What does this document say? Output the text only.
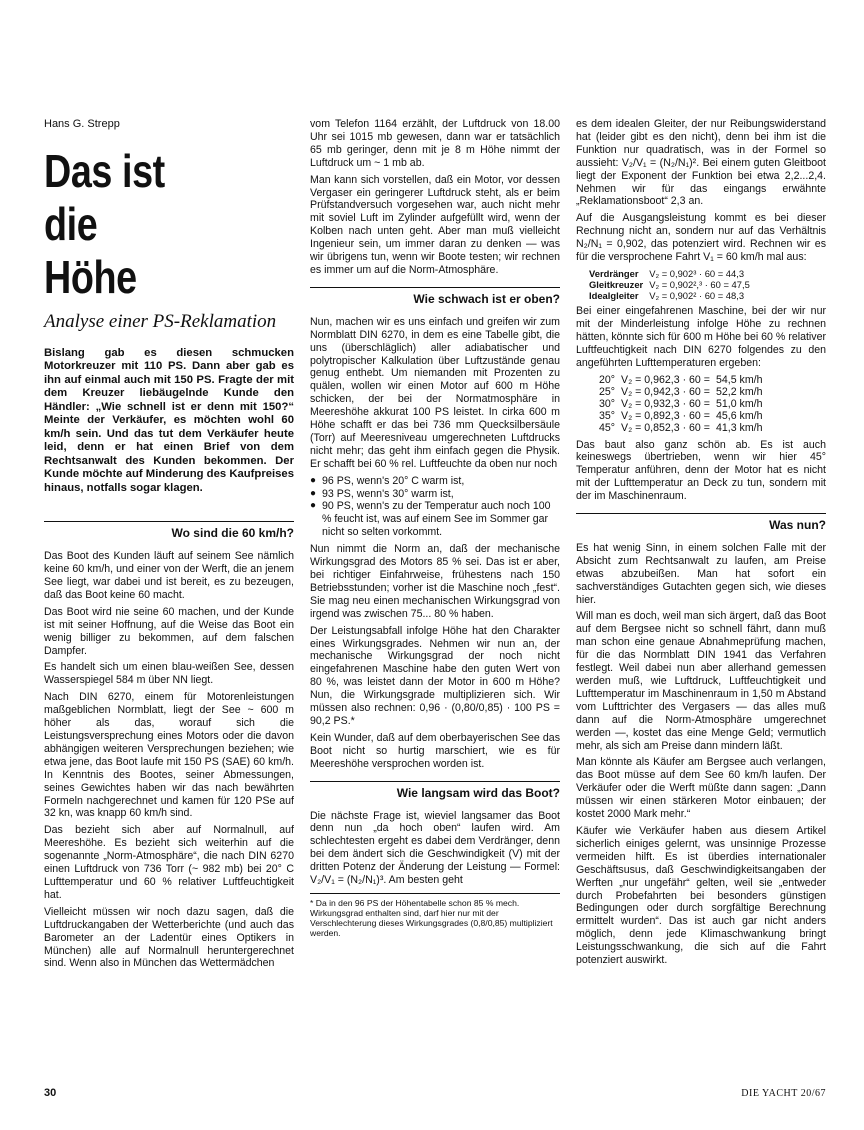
Hans G. Strepp
Das ist
die
Höhe
Analyse einer PS-Reklamation

Bislang gab es diesen schmucken Motorkreuzer mit 110 PS. Dann aber gab es ihn auf einmal auch mit 150 PS. Fragte der mit dem Kreuzer liebäugelnde Kunde den Händler: „Wie schnell ist er denn mit 150?“ Meinte der Verkäufer, es möchten wohl 60 km/h sein. Und das tut dem Verkäufer heute leid, denn er hat einen Brief von dem Rechtsanwalt des Kunden bekommen. Der Kunde möchte auf Minderung des Kaufpreises hinaus, notfalls sogar klagen.

Wo sind die 60 km/h?

Das Boot des Kunden läuft auf seinem See nämlich keine 60 km/h, und einer von der Werft, die an jenem See liegt, war dabei und ist bereit, es zu bezeugen, daß das Boot keine 60 macht.

Das Boot wird nie seine 60 machen, und der Kunde ist mit seiner Hoffnung, auf die Weise das Boot ein wenig billiger zu bekommen, auf dem falschen Dampfer.

Es handelt sich um einen blau-weißen See, dessen Wasserspiegel 584 m über NN liegt.

Nach DIN 6270, einem für Motorenleistungen maßgeblichen Normblatt, liegt der See ~ 600 m höher als das, worauf sich die Leistungsversprechung eines Motors oder die davon abhängigen weiteren Versprechungen beziehen; wie etwa jene, das Boot laufe mit 150 PS (SAE) 60 km/h. In Kenntnis des Bootes, seiner Abmessungen, seines Gewichtes haben wir das nach bewährten Formeln nachgerechnet und kamen für 120 PSe auf 32 kn, was knapp 60 km/h sind.

Das bezieht sich aber auf Normalnull, auf Meereshöhe. Es bezieht sich weiterhin auf die sogenannte „Norm-Atmosphäre“, die nach DIN 6270 einen Luftdruck von 736 Torr (~ 982 mb) bei 20° C Lufttemperatur und 60 % relativer Luftfeuchtigkeit hat.

Vielleicht müssen wir noch dazu sagen, daß die Luftdruckangaben der Wetterberichte (und auch das Barometer an der Ladentür eines Optikers in München) alle auf Normalnull heruntergerechnet sind. Wenn also in München das Wettermädchen

vom Telefon 1164 erzählt, der Luftdruck von 18.00 Uhr sei 1015 mb gewesen, dann war er tatsächlich 65 mb geringer, denn mit je 8 m Höhe nimmt der Luftdruck um ~ 1 mb ab.

Man kann sich vorstellen, daß ein Motor, vor dessen Vergaser ein geringerer Luftdruck steht, als er beim Prüfstandversuch vorgesehen war, auch nicht mehr mit soviel Luft im Zylinder aufgefüllt wird, wenn der Kolben nach unten geht. Aber man muß vielleicht Ingenieur sein, um immer daran zu denken — was wir übrigens tun, wenn wir Boote testen; wir rechnen es immer um auf die Norm-Atmosphäre.

Wie schwach ist er oben?

Nun, machen wir es uns einfach und greifen wir zum Normblatt DIN 6270, in dem es eine Tabelle gibt, die uns (überschläglich) aller adiabatischer und polytropischer Kalkulation über Luftzustände genau genug enthebt. Um niemanden mit Prozenten zu quälen, wollen wir einen Motor auf 600 m Höhe schicken, der bei der Normatmosphäre in Meereshöhe akkurat 100 PS leistet. In cirka 600 m Höhe schafft er das bei 736 mm Quecksilbersäule (Torr) auf Meeresniveau umgerechneten Luftdrucks nicht mehr; das geht ihm einfach gegen die Physik. Er schafft bei 60 % rel. Luftfeuchte da oben nur noch

● 96 PS, wenn's 20° C warm ist,
● 93 PS, wenn's 30° warm ist,
● 90 PS, wenn's zu der Temperatur auch noch 100 % feucht ist, was auf einem See im Sommer gar nicht so selten vorkommt.

Nun nimmt die Norm an, daß der mechanische Wirkungsgrad des Motors 85 % sei. Das ist er aber, bei richtiger Einfahrweise, frühestens nach 150 Betriebsstunden; vorher ist die Maschine noch „fest“. Sie mag neu einen mechanischen Wirkungsgrad von irgend was zwischen 75... 80 % haben.

Der Leistungsabfall infolge Höhe hat den Charakter eines Wirkungsgrades. Nehmen wir nun an, der mechanische Wirkungsgrad der noch nicht eingefahrenen Maschine habe den guten Wert von 80 %, was leistet dann der Motor in 600 m Höhe? Nun, die Wirkungsgrade multiplizieren sich. Wir müssen also rechnen: 0,96 · (0,80/0,85) · 100 PS = 90,2 PS.*

Kein Wunder, daß auf dem oberbayerischen See das Boot nicht so hurtig marschiert, wie es für Meereshöhe versprochen worden ist.

Wie langsam wird das Boot?

Die nächste Frage ist, wieviel langsamer das Boot denn nun „da hoch oben“ laufen wird. Am schlechtesten ergeht es dabei dem Verdränger, denn bei dem ändert sich die Geschwindigkeit (V) mit der dritten Potenz der Änderung der Leistung — Formel: V₂/V₁ = (N₂/N₁)³. Am besten geht

* Da in den 96 PS der Höhentabelle schon 85 % mech. Wirkungsgrad enthalten sind, darf hier nur mit der Verschlechterung dieses Wirkungsgrades (0,8/0,85) multipliziert werden.

es dem idealen Gleiter, der nur Reibungswiderstand hat (leider gibt es den nicht), denn bei ihm ist die Funktion nur quadratisch, was in der Formel so aussieht: V₂/V₁ = (N₂/N₁)². Bei einem guten Gleitboot liegt der Exponent der Funktion bei etwa 2,2...2,4. Nehmen wir für das eingangs erwähnte „Reklamationsboot“ 2,3 an.

Auf die Ausgangsleistung kommt es bei dieser Rechnung nicht an, sondern nur auf das Verhältnis N₂/N₁ = 0,902, das potenziert wird. Rechnen wir es für die versprochene Fahrt V₁ = 60 km/h mal aus:

Verdränger	V₂ = 0,902³ · 60 = 44,3
Gleitkreuzer	V₂ = 0,902²,³ · 60 = 47,5
Idealgleiter	V₂ = 0,902² · 60 = 48,3

Bei einer eingefahrenen Maschine, bei der wir nur mit der Minderleistung infolge Höhe zu rechnen hätten, könnte sich für 600 m Höhe bei 60 % relativer Luftfeuchtigkeit nach DIN 6270 folgendes zu den angeführten Lufttemperaturen ergeben:

20°	V₂ = 0,962,3 · 60 =	54,5 km/h
25°	V₂ = 0,942,3 · 60 =	52,2 km/h
30°	V₂ = 0,932,3 · 60 =	51,0 km/h
35°	V₂ = 0,892,3 · 60 =	45,6 km/h
45°	V₂ = 0,852,3 · 60 =	41,3 km/h

Das baut also ganz schön ab. Es ist auch keineswegs übertrieben, wenn wir hier 45° Temperatur anführen, denn der Motor hat es nicht mit der Lufttemperatur an Deck zu tun, sondern mit der im Maschinenraum.

Was nun?

Es hat wenig Sinn, in einem solchen Falle mit der Absicht zum Rechtsanwalt zu laufen, am Preise etwas abzubeißen. Man hat sofort ein sachverständiges Gutachten gegen sich, wie dieses hier.

Will man es doch, weil man sich ärgert, daß das Boot auf dem Bergsee nicht so schnell fährt, dann muß man schon eine genaue Abnahmeprüfung machen, für die das Normblatt DIN 1941 das Verfahren festlegt. Weil dabei nun aber allerhand gemessen werden muß, wie Luftdruck, Luftfeuchtigkeit und Lufttemperatur im Maschinenraum in 1,50 m Abstand vom Lufttrichter des Vergasers — das alles muß dann auf die Norm-Atmosphäre umgerechnet werden —, kostet das eine Menge Geld; vermutlich mehr, als sich am Preise dann mindern läßt.

Man könnte als Käufer am Bergsee auch verlangen, das Boot müsse auf dem See 60 km/h laufen. Der Verkäufer oder die Werft müßte dann sagen: „Dann müssen wir einen stärkeren Motor einbauen; der kostet 2000 Mark mehr.“

Käufer wie Verkäufer haben aus diesem Artikel sicherlich einiges gelernt, was unsinnige Prozesse vermeiden hilft. Es ist überdies internationaler Geschäftsusus, daß Geschwindigkeitsangaben der Werften „nur ungefähr“ gelten, weil sie „entweder durch Probefahrten bei besonders günstigen Bedingungen oder durch sorgfältige Berechnung ermittelt wurden“. Das ist auch gar nicht anders möglich, denn jede Klimaschwankung bringt Leistungsschwankung, die sich auf die Fahrt potenziert auswirkt.

30	DIE YACHT 20/67
